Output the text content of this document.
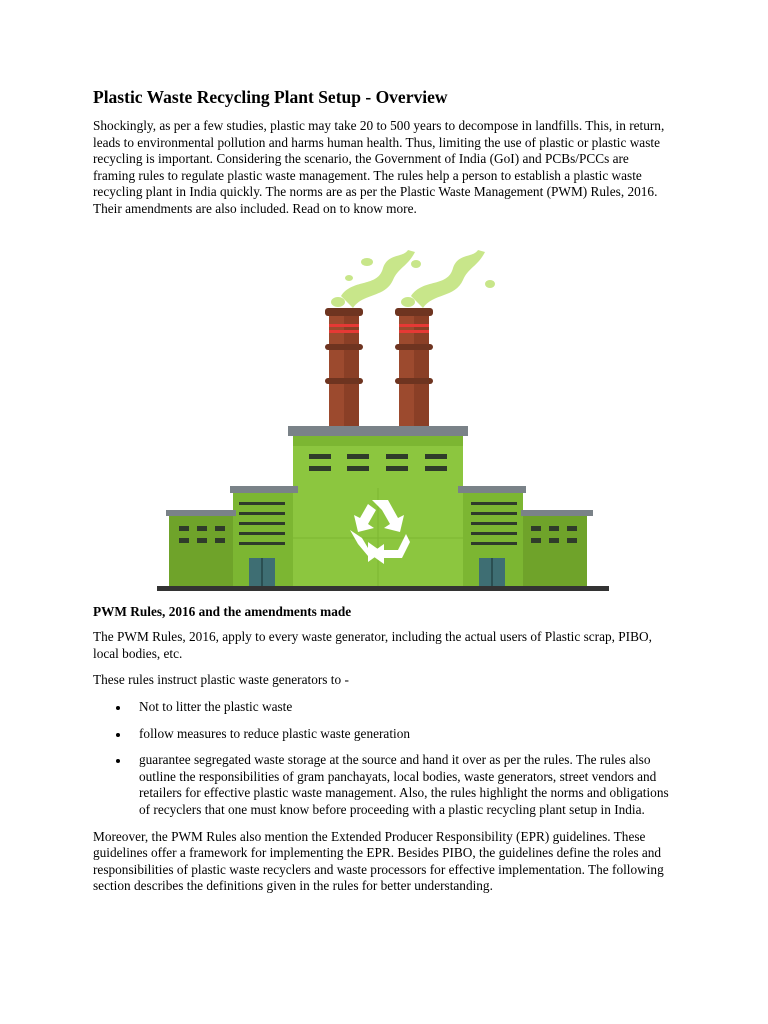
Plastic Waste Recycling Plant Setup - Overview

Shockingly, as per a few studies, plastic may take 20 to 500 years to decompose in landfills. This, in return, leads to environmental pollution and harms human health. Thus, limiting the use of plastic or plastic waste recycling is important. Considering the scenario, the Government of India (GoI) and PCBs/PCCs are framing rules to regulate plastic waste management. The rules help a person to establish a plastic waste recycling plant in India quickly. The norms are as per the Plastic Waste Management (PWM) Rules, 2016. Their amendments are also included. Read on to know more.

PWM Rules, 2016 and the amendments made

The PWM Rules, 2016, apply to every waste generator, including the actual users of Plastic scrap, PIBO, local bodies, etc.

These rules instruct plastic waste generators to -

Not to litter the plastic waste
follow measures to reduce plastic waste generation
guarantee segregated waste storage at the source and hand it over as per the rules. The rules also outline the responsibilities of gram panchayats, local bodies, waste generators, street vendors and retailers for effective plastic waste management. Also, the rules highlight the norms and obligations of recyclers that one must know before proceeding with a plastic recycling plant setup in India.

Moreover, the PWM Rules also mention the Extended Producer Responsibility (EPR) guidelines. These guidelines offer a framework for implementing the EPR. Besides PIBO, the guidelines define the roles and responsibilities of plastic waste recyclers and waste processors for effective implementation. The following section describes the definitions given in the rules for better understanding.
